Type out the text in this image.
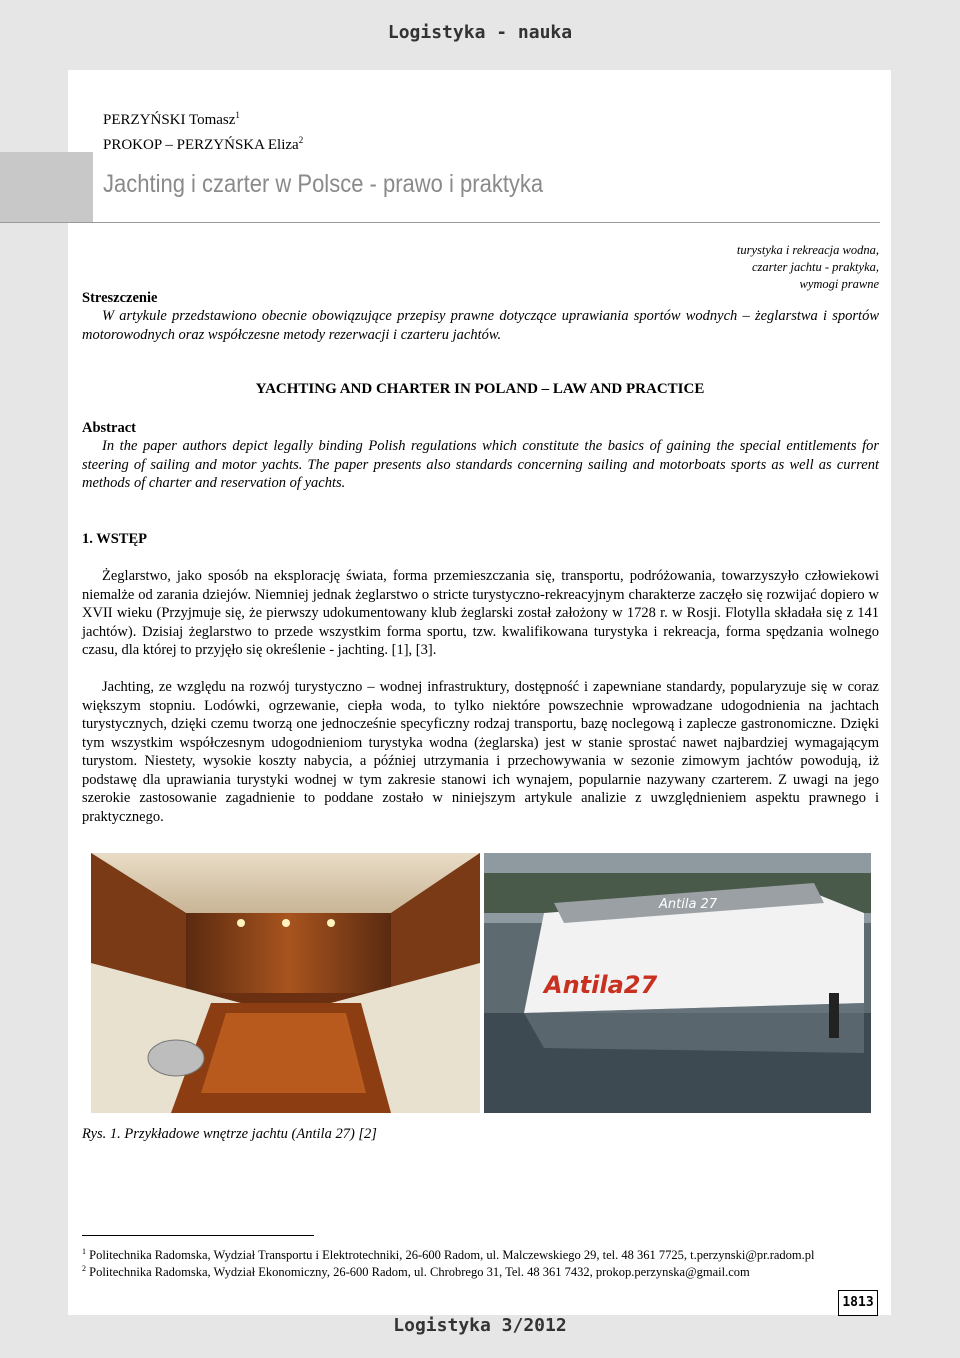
Logistyka - nauka
PERZYŃSKI Tomasz$^1$
PROKOP – PERZYŃSKA Eliza$^2$
Jachting i czarter w Polsce - prawo i praktyka
turystyka i rekreacja wodna,
czarter jachtu - praktyka,
wymogi prawne
Streszczenie
W artykule przedstawiono obecnie obowiązujące przepisy prawne dotyczące uprawiania sportów wodnych – żeglarstwa i sportów motorowodnych oraz współczesne metody rezerwacji i czarteru jachtów.
YACHTING AND CHARTER IN POLAND – LAW AND PRACTICE
Abstract
In the paper authors depict legally binding Polish regulations which constitute the basics of gaining the special entitlements for steering of sailing and motor yachts. The paper presents also standards concerning sailing and motorboats sports as well as current methods of charter and reservation of yachts.
1. WSTĘP
Żeglarstwo, jako sposób na eksplorację świata, forma przemieszczania się, transportu, podróżowania, towarzyszyło człowiekowi niemalże od zarania dziejów. Niemniej jednak żeglarstwo o stricte turystyczno-rekreacyjnym charakterze zaczęło się rozwijać dopiero w XVII wieku (Przyjmuje się, że pierwszy udokumentowany klub żeglarski został założony w 1728 r. w Rosji. Flotylla składała się z 141 jachtów). Dzisiaj żeglarstwo to przede wszystkim forma sportu, tzw. kwalifikowana turystyka i rekreacja, forma spędzania wolnego czasu, dla której to przyjęło się określenie - jachting. [1], [3].
Jachting, ze względu na rozwój turystyczno – wodnej infrastruktury, dostępność i zapewniane standardy, popularyzuje się w coraz większym stopniu. Lodówki, ogrzewanie, ciepła woda, to tylko niektóre powszechnie wprowadzane udogodnienia na jachtach turystycznych, dzięki czemu tworzą one jednocześnie specyficzny rodzaj transportu, bazę noclegową i zaplecze gastronomiczne. Dzięki tym wszystkim współczesnym udogodnieniom turystyka wodna (żeglarska) jest w stanie sprostać nawet najbardziej wymagającym turystom. Niestety, wysokie koszty nabycia, a później utrzymania i przechowywania w sezonie zimowym jachtów powodują, iż podstawę dla uprawiania turystyki wodnej w tym zakresie stanowi ich wynajem, popularnie nazywany czarterem. Z uwagi na jego szerokie zastosowanie zagadnienie to poddane zostało w niniejszym artykule analizie z uwzględnieniem aspektu prawnego i praktycznego.
Antila 27
Antila27
Rys. 1. Przykładowe wnętrze jachtu (Antila 27) [2]
$^1$ Politechnika Radomska, Wydział Transportu i Elektrotechniki, 26-600 Radom, ul. Malczewskiego 29, tel. 48 361 7725, t.perzynski@pr.radom.pl
$^2$ Politechnika Radomska, Wydział Ekonomiczny, 26-600 Radom, ul. Chrobrego 31, Tel. 48 361 7432, prokop.perzynska@gmail.com
1813
Logistyka 3/2012
